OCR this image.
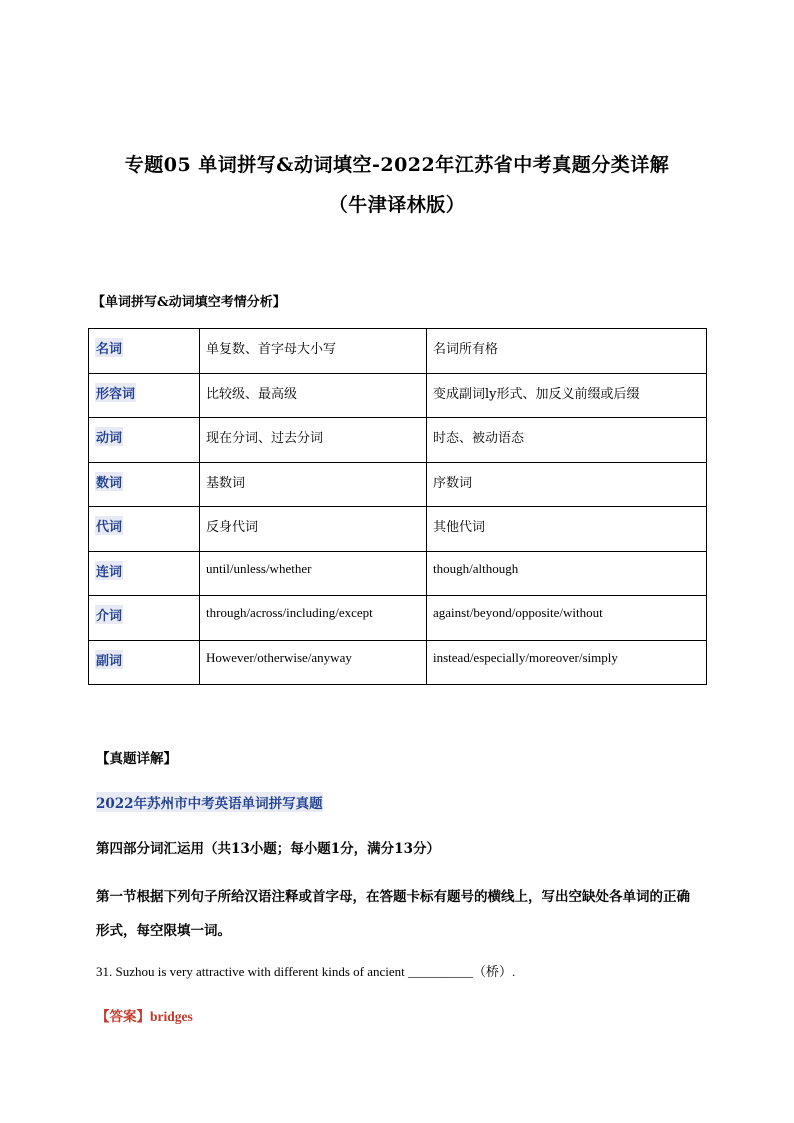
专题05 单词拼写&动词填空-2022年江苏省中考真题分类详解
（牛津译林版）
【单词拼写&动词填空考情分析】
名词	单复数、首字母大小写	名词所有格
形容词	比较级、最高级	变成副词ly形式、加反义前缀或后缀
动词	现在分词、过去分词	时态、被动语态
数词	基数词	序数词
代词	反身代词	其他代词
连词	until/unless/whether	though/although
介词	through/across/including/except	against/beyond/opposite/without
副词	However/otherwise/anyway	instead/especially/moreover/simply
【真题详解】
2022年苏州市中考英语单词拼写真题
第四部分词汇运用（共13小题；每小题1分，满分13分）
第一节根据下列句子所给汉语注释或首字母，在答题卡标有题号的横线上，写出空缺处各单词的正确形式，每空限填一词。
31. Suzhou is very attractive with different kinds of ancient __________（桥）.
【答案】bridges
